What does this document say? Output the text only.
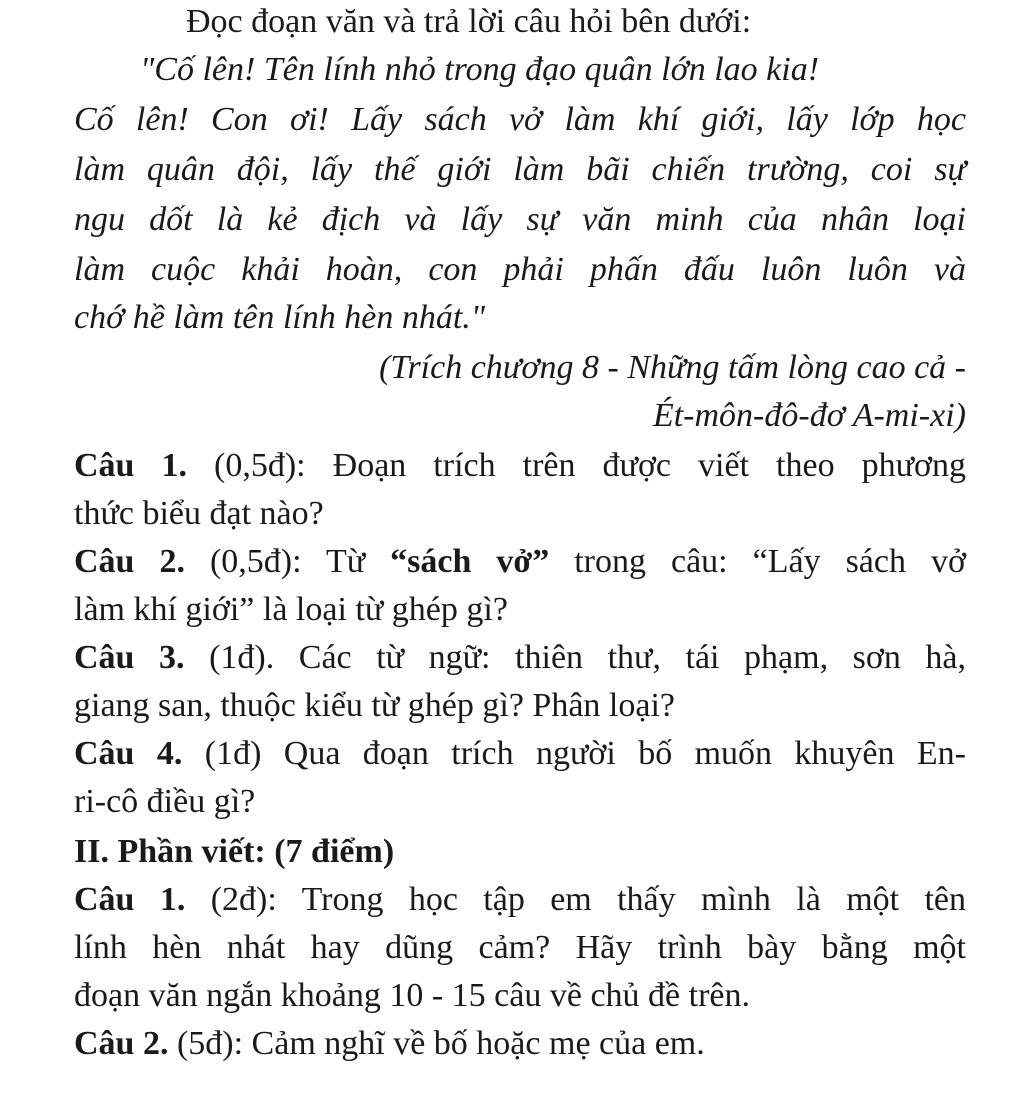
Đọc đoạn văn và trả lời câu hỏi bên dưới:
"Cố lên! Tên lính nhỏ trong đạo quân lớn lao kia!
Cố lên! Con ơi! Lấy sách vở làm khí giới, lấy lớp học
làm quân đội, lấy thế giới làm bãi chiến trường, coi sự
ngu dốt là kẻ địch và lấy sự văn minh của nhân loại
làm cuộc khải hoàn, con phải phấn đấu luôn luôn và
chớ hề làm tên lính hèn nhát."
(Trích chương 8 - Những tấm lòng cao cả -
Ét-môn-đô-đơ A-mi-xi)
Câu 1. (0,5đ): Đoạn trích trên được viết theo phương
thức biểu đạt nào?
Câu 2. (0,5đ): Từ “sách vở” trong câu: “Lấy sách vở
làm khí giới” là loại từ ghép gì?
Câu 3. (1đ). Các từ ngữ: thiên thư, tái phạm, sơn hà,
giang san, thuộc kiểu từ ghép gì? Phân loại?
Câu 4. (1đ) Qua đoạn trích người bố muốn khuyên En-
ri-cô điều gì?
II. Phần viết: (7 điểm)
Câu 1. (2đ): Trong học tập em thấy mình là một tên
lính hèn nhát hay dũng cảm? Hãy trình bày bằng một
đoạn văn ngắn khoảng 10 - 15 câu về chủ đề trên.
Câu 2. (5đ): Cảm nghĩ về bố hoặc mẹ của em.
